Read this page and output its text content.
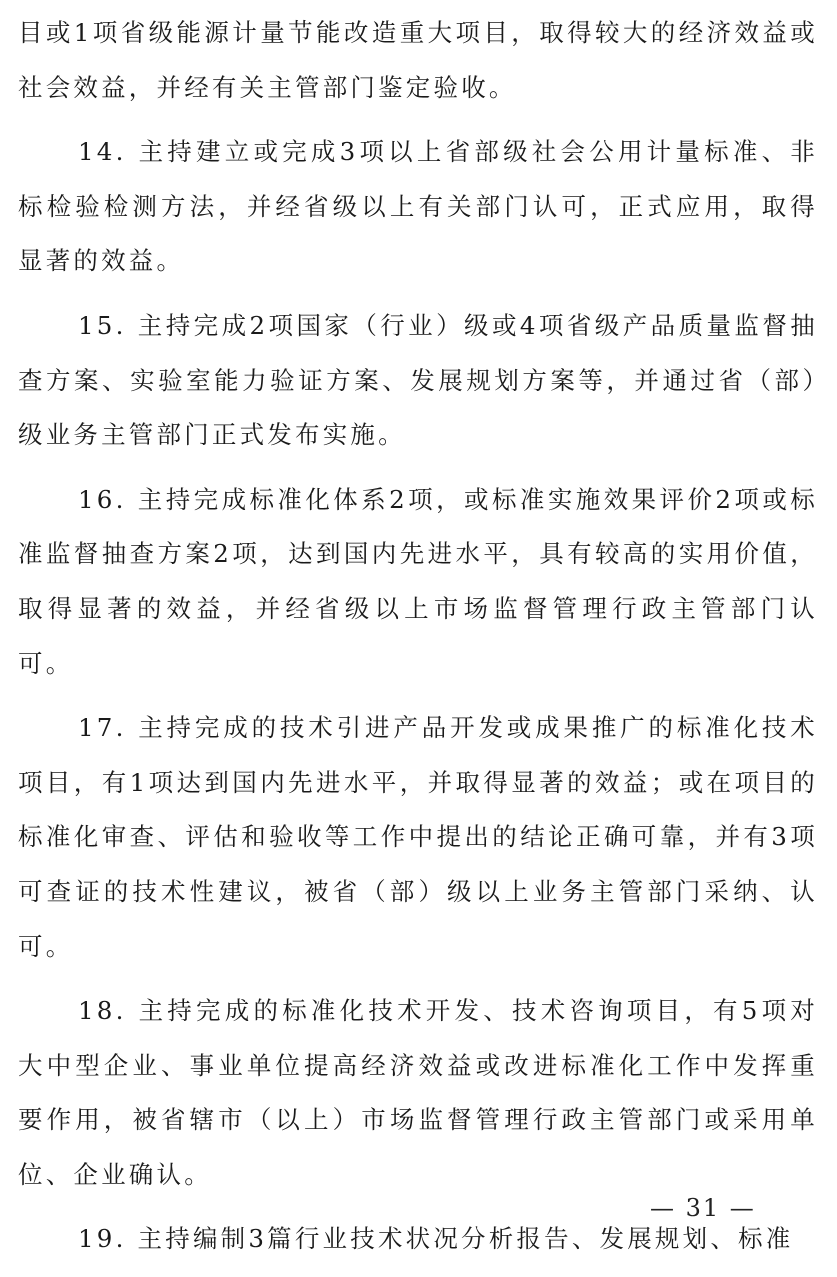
目或1项省级能源计量节能改造重大项目，取得较大的经济效益或社会效益，并经有关主管部门鉴定验收。

14. 主持建立或完成3项以上省部级社会公用计量标准、非标检验检测方法，并经省级以上有关部门认可，正式应用，取得显著的效益。

15. 主持完成2项国家（行业）级或4项省级产品质量监督抽查方案、实验室能力验证方案、发展规划方案等，并通过省（部）级业务主管部门正式发布实施。

16. 主持完成标准化体系2项，或标准实施效果评价2项或标准监督抽查方案2项，达到国内先进水平，具有较高的实用价值，取得显著的效益，并经省级以上市场监督管理行政主管部门认可。

17. 主持完成的技术引进产品开发或成果推广的标准化技术项目，有1项达到国内先进水平，并取得显著的效益；或在项目的标准化审查、评估和验收等工作中提出的结论正确可靠，并有3项可查证的技术性建议，被省（部）级以上业务主管部门采纳、认可。

18. 主持完成的标准化技术开发、技术咨询项目，有5项对大中型企业、事业单位提高经济效益或改进标准化工作中发挥重要作用，被省辖市（以上）市场监督管理行政主管部门或采用单位、企业确认。

19. 主持编制3篇行业技术状况分析报告、发展规划、标准

— 31 —
